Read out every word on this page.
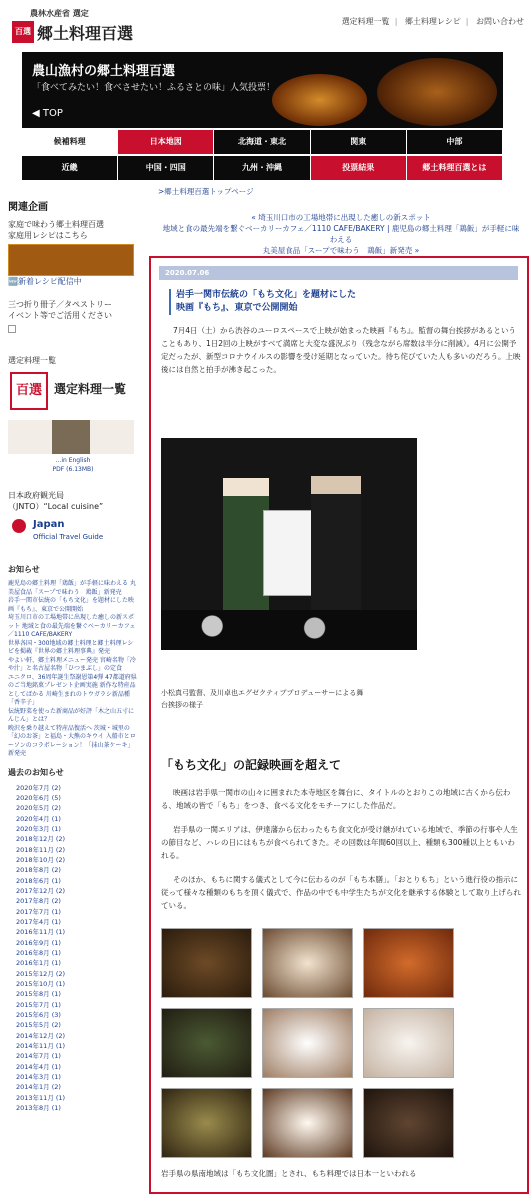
農林水産省 選定
百選 郷土料理百選
選定料理一覧 | 郷土料理レシピ | お問い合わせ
農山漁村の郷土料理百選
「食べてみたい！食べさせたい！ふるさとの味」人気投票！
◀ TOP
候補料理	日本地図	北海道・東北	関東	中部
近畿	中国・四国	九州・沖縄	投票結果	郷土料理百選とは
関連企画
家庭で味わう郷土料理百選
家庭用レシピはこちら
🆕新着レシピ配信中
三つ折り冊子／タペストリー
イベント等でご活用ください
選定料理一覧
百選	選定料理一覧
...in English
PDF (6.13MB)
日本政府観光局
（JNTO）“Local cuisine”
Japan
Official Travel Guide
お知らせ
鹿児島の郷土料理「鶏飯」が手軽に味わえる 丸美屋食品「スープで味わう　鶏飯」新発売
岩手一関市伝統の「もち文化」を題材にした映画『もち』、東京で公開開始
埼玉川口市の工場地帯に出現した癒しの新スポット 地域と食の最先端を繋ぐベーカリーカフェ／1110 CAFE/BAKERY
世界各国・300地域の郷土料理と郷土料理レシピを掲載『世界の郷土料理事典』発売
やよい軒、郷土料理メニュー発売 宮崎名物「冷や汁」と名古屋名物「ひつまぶし」の定食
ユニクロ、36周年誕生祭謝恩第4弾 47都道府県のご当地銘菓プレゼント企画実施 新作な特産品としてばかる 川崎生まれのトウガラシ新品種「香辛子」
伝統野菜を使った新商品が好評「木之山五寸にんじん」とは？
晩沢を乗り越えて特産品復活へ 茨城・城里の「幻のお茶」と福島・大熊のキウイ 入船市とローソンのコラボレーション！「抹山茶ケーキ」新発売
過去のお知らせ
2020年7月 (2)
2020年6月 (5)
2020年5月 (2)
2020年4月 (1)
2020年3月 (1)
2018年12月 (2)
2018年11月 (2)
2018年10月 (2)
2018年8月 (2)
2018年6月 (1)
2017年12月 (2)
2017年8月 (2)
2017年7月 (1)
2017年4月 (1)
2016年11月 (1)
2016年9月 (1)
2016年8月 (1)
2016年1月 (1)
2015年12月 (2)
2015年10月 (1)
2015年8月 (1)
2015年7月 (1)
2015年6月 (3)
2015年5月 (2)
2014年12月 (2)
2014年11月 (1)
2014年7月 (1)
2014年4月 (1)
2014年3月 (1)
2014年1月 (2)
2013年11月 (1)
2013年8月 (1)
>郷土料理百選トップページ
« 埼玉川口市の工場地帯に出現した癒しの新スポット
地域と食の最先端を繋ぐベーカリーカフェ／1110 CAFE/BAKERY | 鹿児島の郷土料理「鶏飯」が手軽に味
わえる
丸美屋食品「スープで味わう　鶏飯」新発売 »
2020.07.06
岩手一関市伝統の「もち文化」を題材にした
映画『もち』、東京で公開開始
7月4日（土）から渋谷のユーロスペースで上映が始まった映画『もち』。監督の舞台挨拶があるということもあり、1日2回の上映がすべて満席と大変な盛況ぶり（残念ながら席数は半分に削減）。4月に公開予定だったが、新型コロナウイルスの影響を受け延期となっていた。待ち侘びていた人も多いのだろう。上映後には自然と拍手が沸き起こった。
小松真弓監督、及川卓也エグゼクティブプロデューサーによる舞
台挨拶の様子
「もち文化」の記録映画を超えて
映画は岩手県一関市の山々に囲まれた本寺地区を舞台に、タイトルのとおりこの地域に古くから伝わる、地域の皆で「もち」をつき、食べる文化をモチーフにした作品だ。
岩手県の一関エリアは、伊達藩から伝わったもち食文化が受け継がれている地域で、季節の行事や人生の節目など、ハレの日にはもちが食べられてきた。その回数は年間60回以上、種類も300種以上ともいわれる。
そのほか、もちに関する儀式として今に伝わるのが「もち本膳」。「おとりもち」という進行役の指示に従って様々な種類のもちを頂く儀式で、作品の中でも中学生たちが文化を継承する体験として取り上げられている。
岩手県の県南地域は「もち文化圏」とされ、もち料理では日本一といわれる
